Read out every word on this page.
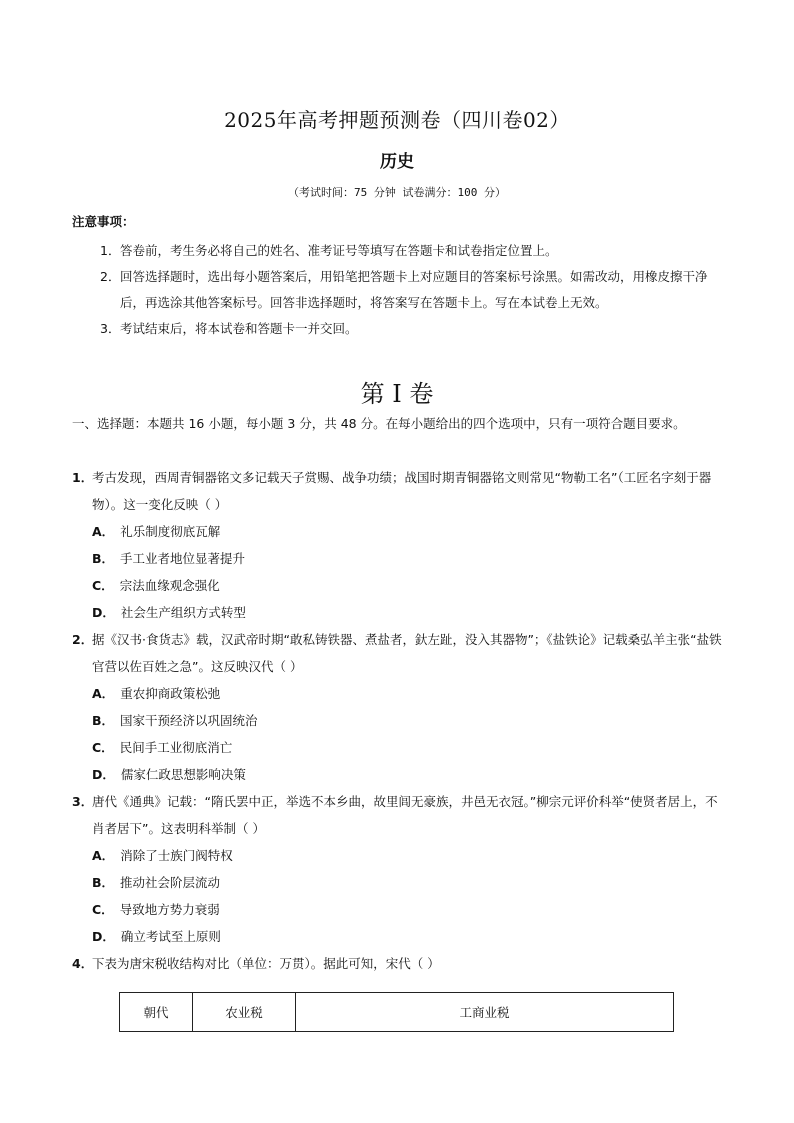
2025年高考押题预测卷（四川卷02）
历史
（考试时间：75 分钟 试卷满分：100 分）
注意事项：
1． 答卷前，考生务必将自己的姓名、准考证号等填写在答题卡和试卷指定位置上。
2． 回答选择题时，选出每小题答案后，用铅笔把答题卡上对应题目的答案标号涂黑。如需改动，用橡皮擦干净后，再选涂其他答案标号。回答非选择题时，将答案写在答题卡上。写在本试卷上无效。
3． 考试结束后，将本试卷和答题卡一并交回。
第 I 卷
一、选择题：本题共 16 小题，每小题 3 分，共 48 分。在每小题给出的四个选项中，只有一项符合题目要求。
1．
考古发现，西周青铜器铭文多记载天子赏赐、战争功绩；战国时期青铜器铭文则常见“物勒工名”（工匠名字刻于器物）。这一变化反映（ ）
A． 礼乐制度彻底瓦解
B． 手工业者地位显著提升
C． 宗法血缘观念强化
D． 社会生产组织方式转型
2．
据《汉书·食货志》载，汉武帝时期“敢私铸铁器、煮盐者，釱左趾，没入其器物”；《盐铁论》记载桑弘羊主张“盐铁官营以佐百姓之急”。这反映汉代（ ）
A． 重农抑商政策松弛
B． 国家干预经济以巩固统治
C． 民间手工业彻底消亡
D． 儒家仁政思想影响决策
3．
唐代《通典》记载：“隋氏罢中正，举选不本乡曲，故里闾无豪族，井邑无衣冠。”柳宗元评价科举“使贤者居上，不肖者居下”。这表明科举制（ ）
A． 消除了士族门阀特权
B． 推动社会阶层流动
C． 导致地方势力衰弱
D． 确立考试至上原则
4．
下表为唐宋税收结构对比（单位：万贯）。据此可知，宋代（ ）
朝代	农业税	工商业税
